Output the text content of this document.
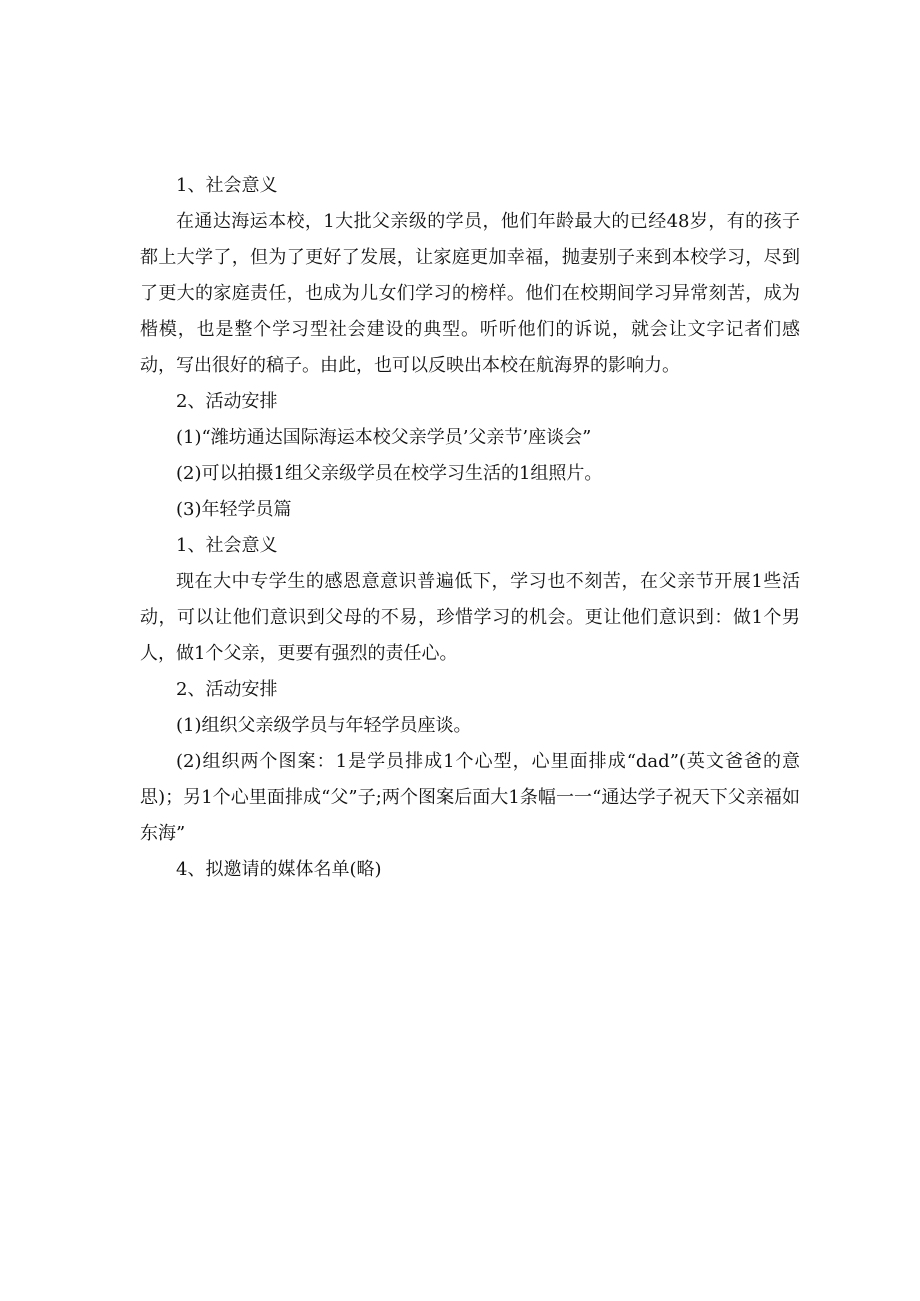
1、社会意义

在通达海运本校，1大批父亲级的学员，他们年龄最大的已经48岁，有的孩子都上大学了，但为了更好了发展，让家庭更加幸福，抛妻别子来到本校学习，尽到了更大的家庭责任，也成为儿女们学习的榜样。他们在校期间学习异常刻苦，成为楷模，也是整个学习型社会建设的典型。听听他们的诉说，就会让文字记者们感动，写出很好的稿子。由此，也可以反映出本校在航海界的影响力。

2、活动安排

(1)“潍坊通达国际海运本校父亲学员’父亲节’座谈会”

(2)可以拍摄1组父亲级学员在校学习生活的1组照片。

(3)年轻学员篇

1、社会意义

现在大中专学生的感恩意意识普遍低下，学习也不刻苦，在父亲节开展1些活动，可以让他们意识到父母的不易，珍惜学习的机会。更让他们意识到：做1个男人，做1个父亲，更要有强烈的责任心。

2、活动安排

(1)组织父亲级学员与年轻学员座谈。

(2)组织两个图案：1是学员排成1个心型，心里面排成“dad”(英文爸爸的意思)；另1个心里面排成“父”子;两个图案后面大1条幅一一“通达学子祝天下父亲福如东海”

4、拟邀请的媒体名单(略)
